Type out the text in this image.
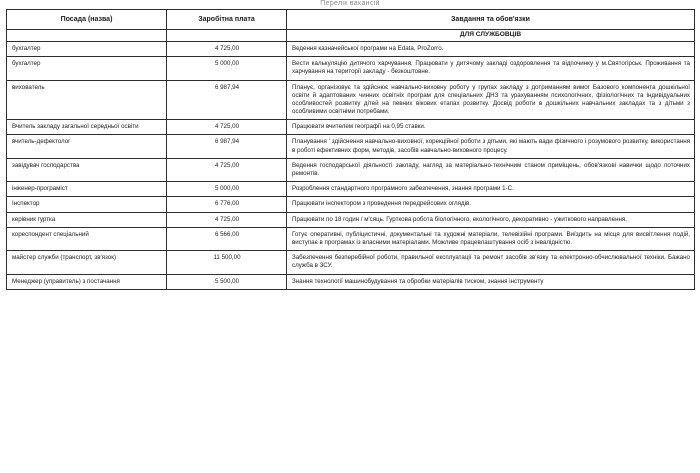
Перелік вакансій
Посада (назва)	Заробітна плата	Завдання та обов'язки

		ДЛЯ СЛУЖБОВЦІВ

бухгалтер	4 725,00	Ведення казначейської програми на Edata, ProZorro.
бухгалтер	5 000,00	Вести калькуляцію дитячого харчування. Працювати у дитячому закладі оздоровлення та відпочинку у м.Святогірськ. Проживання та харчування на території закладу - безкоштовне.
вихователь	6 987,94	Планує, організовує та здійснює навчально-виховну роботу у групах закладу з дотриманням вимог Базового компонента дошкільної освіти й адаптованих чинних освітніх програм для спеціальних ДНЗ та урахуванням психологічних, фізіологічних та індивідуальних особливостей розвитку дітей на певних вікових етапах розвитку. Досвід роботи в дошкільних навчальних закладах та з дітьми з особливими освітніми потребами.
Вчитель закладу загальної середньої освіти	4 725,00	Працювати вчителем географії на 0,95 ставки.
вчитель-дефектолог	6 987,94	Планування ' здійснення навчально-виховної, корекційної роботи з дітьми, які мають вади фізичного і розумового розвитку, використання в роботі ефективних форм, методів, засобів навчально-виховного процесу.
завідувач господарства	4 725,00	Ведення господарської діяльності закладу, нагляд за матеріально-технічним станом приміщень, обов'язкові навички щодо поточних ремонтів.
інженер-програміст	5 000,00	Розроблення стандартного програмного забезпечення, знання програми 1-С.
Інспектор	6 776,00	Працювати інспектором з проведення передрейсових оглядів.
керівник гуртка	4 725,00	Працювати по 18 годин / м'сяць. Гурткова робота біологічного, екологічного, декоративно - ужиткового направлення.
кореспондент спеціальний	6 566,00	Готує оперативні, публіцистичні, документальні та художні матеріали, телевізійні програми. Виїздить на місця для висвітлення подій, виступає в програмах із власними матеріалами. Можливе працевлаштування осіб з інвалідністю.
майстер служби (транспорт, зв'язок)	11 500,00	Забезпечення безперебійної роботи, правильної експлуатації та ремонт засобів зв'язку та електронно-обчислювальної техніки. Бажано служба в ЗСУ.
Менеджер (управитель) з постачання	5 500,00	Знання технології машинобудування та обробки матеріалів тиском, знання інструменту
